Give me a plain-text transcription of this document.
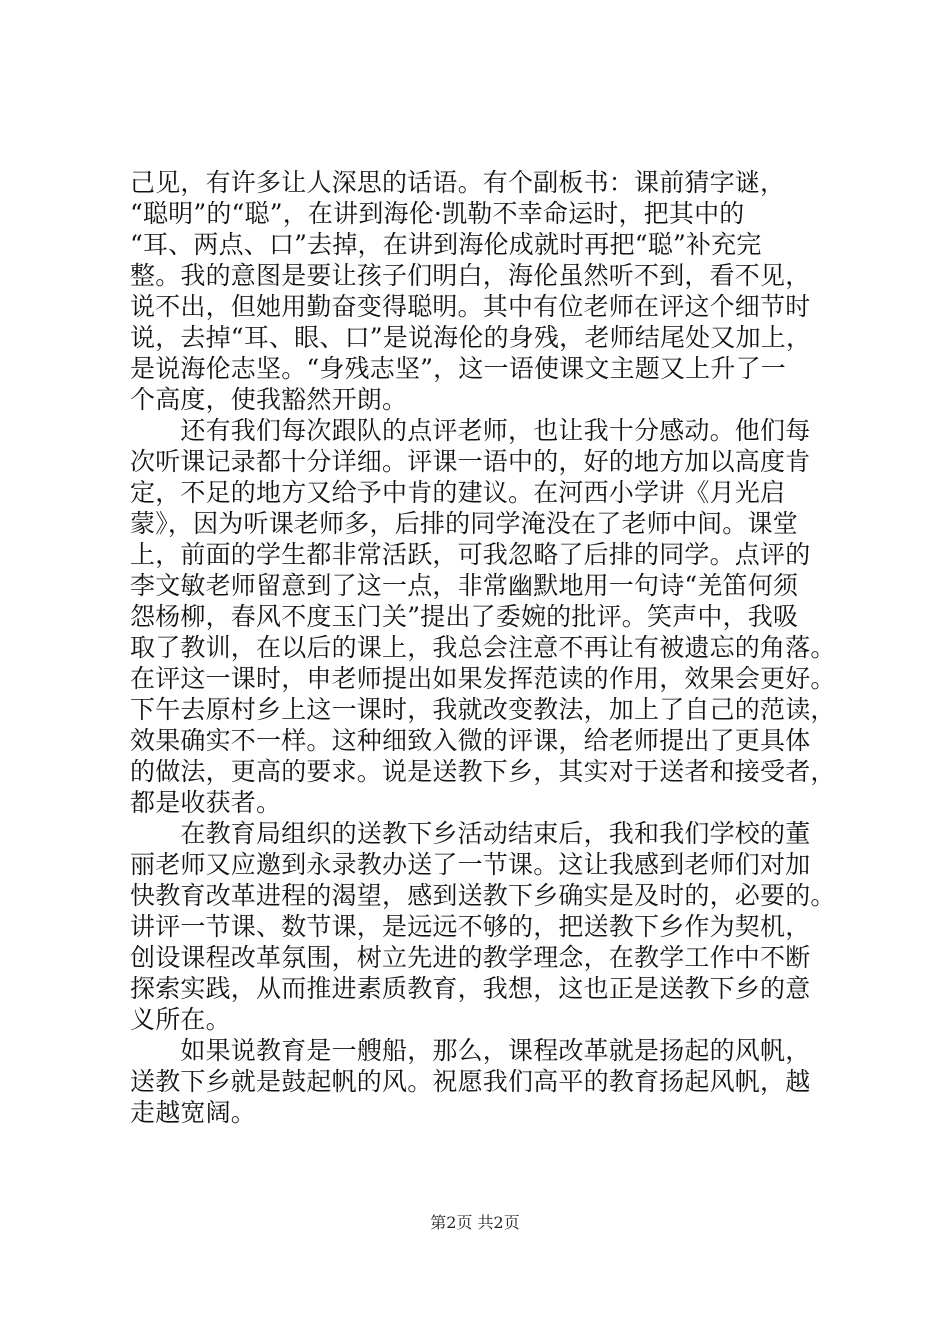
己见，有许多让人深思的话语。有个副板书：课前猜字谜，
“聪明”的“聪”，在讲到海伦·凯勒不幸命运时，把其中的
“耳、两点、口”去掉，在讲到海伦成就时再把“聪”补充完
整。我的意图是要让孩子们明白，海伦虽然听不到，看不见，
说不出，但她用勤奋变得聪明。其中有位老师在评这个细节时
说，去掉“耳、眼、口”是说海伦的身残，老师结尾处又加上，
是说海伦志坚。“身残志坚”，这一语使课文主题又上升了一
个高度，使我豁然开朗。
　　还有我们每次跟队的点评老师，也让我十分感动。他们每
次听课记录都十分详细。评课一语中的，好的地方加以高度肯
定，不足的地方又给予中肯的建议。在河西小学讲《月光启
蒙》，因为听课老师多，后排的同学淹没在了老师中间。课堂
上，前面的学生都非常活跃，可我忽略了后排的同学。点评的
李文敏老师留意到了这一点，非常幽默地用一句诗“羌笛何须
怨杨柳，春风不度玉门关”提出了委婉的批评。笑声中，我吸
取了教训，在以后的课上，我总会注意不再让有被遗忘的角落。
在评这一课时，申老师提出如果发挥范读的作用，效果会更好。
下午去原村乡上这一课时，我就改变教法，加上了自己的范读，
效果确实不一样。这种细致入微的评课，给老师提出了更具体
的做法，更高的要求。说是送教下乡，其实对于送者和接受者，
都是收获者。
　　在教育局组织的送教下乡活动结束后，我和我们学校的董
丽老师又应邀到永录教办送了一节课。这让我感到老师们对加
快教育改革进程的渴望，感到送教下乡确实是及时的，必要的。
讲评一节课、数节课，是远远不够的，把送教下乡作为契机，
创设课程改革氛围，树立先进的教学理念，在教学工作中不断
探索实践，从而推进素质教育，我想，这也正是送教下乡的意
义所在。
　　如果说教育是一艘船，那么，课程改革就是扬起的风帆，
送教下乡就是鼓起帆的风。祝愿我们高平的教育扬起风帆，越
走越宽阔。
第2页 共2页
